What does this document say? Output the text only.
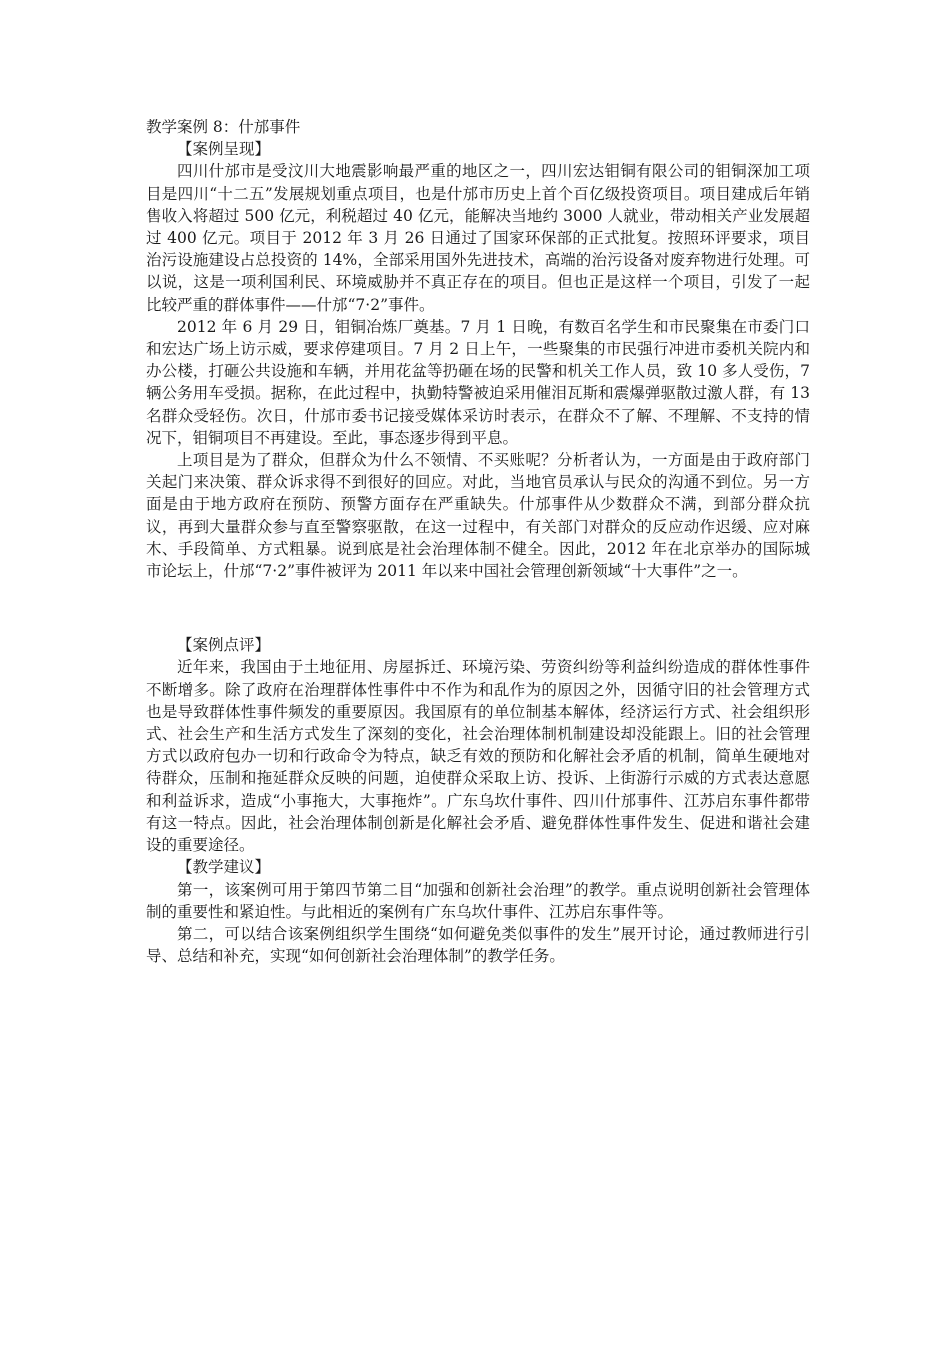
教学案例 8：什邡事件

【案例呈现】

四川什邡市是受汶川大地震影响最严重的地区之一，四川宏达钼铜有限公司的钼铜深加工项目是四川“十二五”发展规划重点项目，也是什邡市历史上首个百亿级投资项目。项目建成后年销售收入将超过 500 亿元，利税超过 40 亿元，能解决当地约 3000 人就业，带动相关产业发展超过 400 亿元。项目于 2012 年 3 月 26 日通过了国家环保部的正式批复。按照环评要求，项目治污设施建设占总投资的 14%，全部采用国外先进技术，高端的治污设备对废弃物进行处理。可以说，这是一项利国利民、环境威胁并不真正存在的项目。但也正是这样一个项目，引发了一起比较严重的群体事件——什邡“7·2”事件。

2012 年 6 月 29 日，钼铜冶炼厂奠基。7 月 1 日晚，有数百名学生和市民聚集在市委门口和宏达广场上访示威，要求停建项目。7 月 2 日上午，一些聚集的市民强行冲进市委机关院内和办公楼，打砸公共设施和车辆，并用花盆等扔砸在场的民警和机关工作人员，致 10 多人受伤，7 辆公务用车受损。据称，在此过程中，执勤特警被迫采用催泪瓦斯和震爆弹驱散过激人群，有 13 名群众受轻伤。次日，什邡市委书记接受媒体采访时表示，在群众不了解、不理解、不支持的情况下，钼铜项目不再建设。至此，事态逐步得到平息。

上项目是为了群众，但群众为什么不领情、不买账呢？分析者认为，一方面是由于政府部门关起门来决策、群众诉求得不到很好的回应。对此，当地官员承认与民众的沟通不到位。另一方面是由于地方政府在预防、预警方面存在严重缺失。什邡事件从少数群众不满，到部分群众抗议，再到大量群众参与直至警察驱散，在这一过程中，有关部门对群众的反应动作迟缓、应对麻木、手段简单、方式粗暴。说到底是社会治理体制不健全。因此，2012 年在北京举办的国际城市论坛上，什邡“7·2”事件被评为 2011 年以来中国社会管理创新领域“十大事件”之一。

【案例点评】

近年来，我国由于土地征用、房屋拆迁、环境污染、劳资纠纷等利益纠纷造成的群体性事件不断增多。除了政府在治理群体性事件中不作为和乱作为的原因之外，因循守旧的社会管理方式也是导致群体性事件频发的重要原因。我国原有的单位制基本解体，经济运行方式、社会组织形式、社会生产和生活方式发生了深刻的变化，社会治理体制机制建设却没能跟上。旧的社会管理方式以政府包办一切和行政命令为特点，缺乏有效的预防和化解社会矛盾的机制，简单生硬地对待群众，压制和拖延群众反映的问题，迫使群众采取上访、投诉、上街游行示威的方式表达意愿和利益诉求，造成“小事拖大，大事拖炸”。广东乌坎什事件、四川什邡事件、江苏启东事件都带有这一特点。因此，社会治理体制创新是化解社会矛盾、避免群体性事件发生、促进和谐社会建设的重要途径。

【教学建议】

第一，该案例可用于第四节第二目“加强和创新社会治理”的教学。重点说明创新社会管理体制的重要性和紧迫性。与此相近的案例有广东乌坎什事件、江苏启东事件等。

第二，可以结合该案例组织学生围绕“如何避免类似事件的发生”展开讨论，通过教师进行引导、总结和补充，实现“如何创新社会治理体制”的教学任务。
